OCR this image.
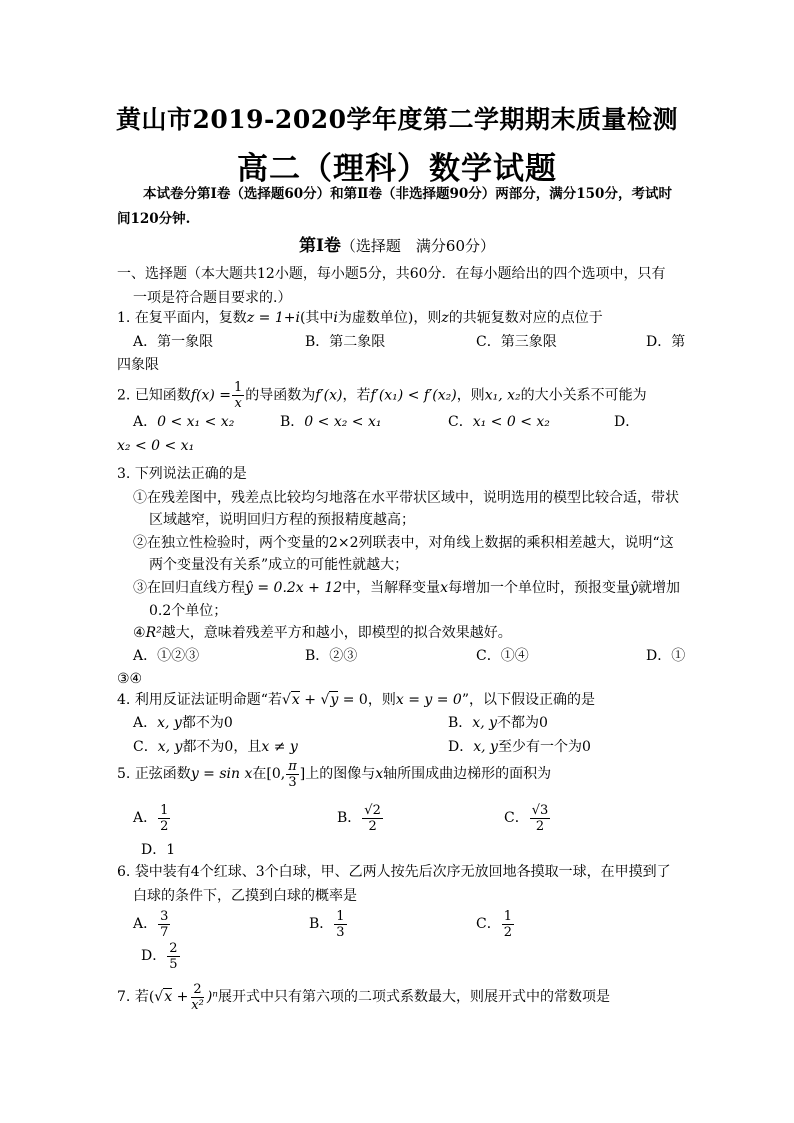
黄山市2019-2020学年度第二学期期末质量检测
高二（理科）数学试题
本试卷分第Ⅰ卷（选择题60分）和第Ⅱ卷（非选择题90分）两部分，满分150分，考试时间120分钟.
第Ⅰ卷（选择题　满分60分）
一、选择题（本大题共12小题，每小题5分，共60分．在每小题给出的四个选项中，只有
一项是符合题目要求的.）
1. 在复平面内，复数z = 1+i(其中i为虚数单位)，则z的共轭复数对应的点位于
A．第一象限	B．第二象限	C．第三象限	D．第
四象限
2. 已知函数$f(x) = \frac{1}{x}$ 的导函数为f′(x)，若f′(x₁) < f′(x₂)，则x₁, x₂的大小关系不可能为
A．0 < x₁ < x₂	B．0 < x₂ < x₁	C．x₁ < 0 < x₂	D．
x₂ < 0 < x₁
3. 下列说法正确的是
①在残差图中，残差点比较均匀地落在水平带状区域中，说明选用的模型比较合适，带状
区域越窄，说明回归方程的预报精度越高；
②在独立性检验时，两个变量的2×2列联表中，对角线上数据的乘积相差越大，说明“这
两个变量没有关系”成立的可能性就越大；
③在回归直线方程ŷ = 0.2x + 12中，当解释变量x每增加一个单位时，预报变量ŷ就增加
0.2个单位；
④R²越大，意味着残差平方和越小，即模型的拟合效果越好。
A．①②③	B．②③	C．①④	D．①
③④
4. 利用反证法证明命题“若√x + √y = 0，则x = y = 0”，以下假设正确的是
A．x, y都不为0	B．x, y不都为0
C．x, y都不为0，且x ≠ y	D．x, y至少有一个为0
5. 正弦函数y = sin x在[0, $\frac{\pi}{3}$ ]上的图像与x轴所围成曲边梯形的面积为
A． $\frac{1}{2}$	B． $\frac{√2}{2}$	C． $\frac{√3}{2}$
D．1
6. 袋中装有4个红球、3个白球，甲、乙两人按先后次序无放回地各摸取一球，在甲摸到了
白球的条件下，乙摸到白球的概率是
A． $\frac{3}{7}$	B． $\frac{1}{3}$	C． $\frac{1}{2}$
D． $\frac{2}{5}$
7. 若$(√x + \frac{2}{\text{x²}} )^n$展开式中只有第六项的二项式系数最大，则展开式中的常数项是
